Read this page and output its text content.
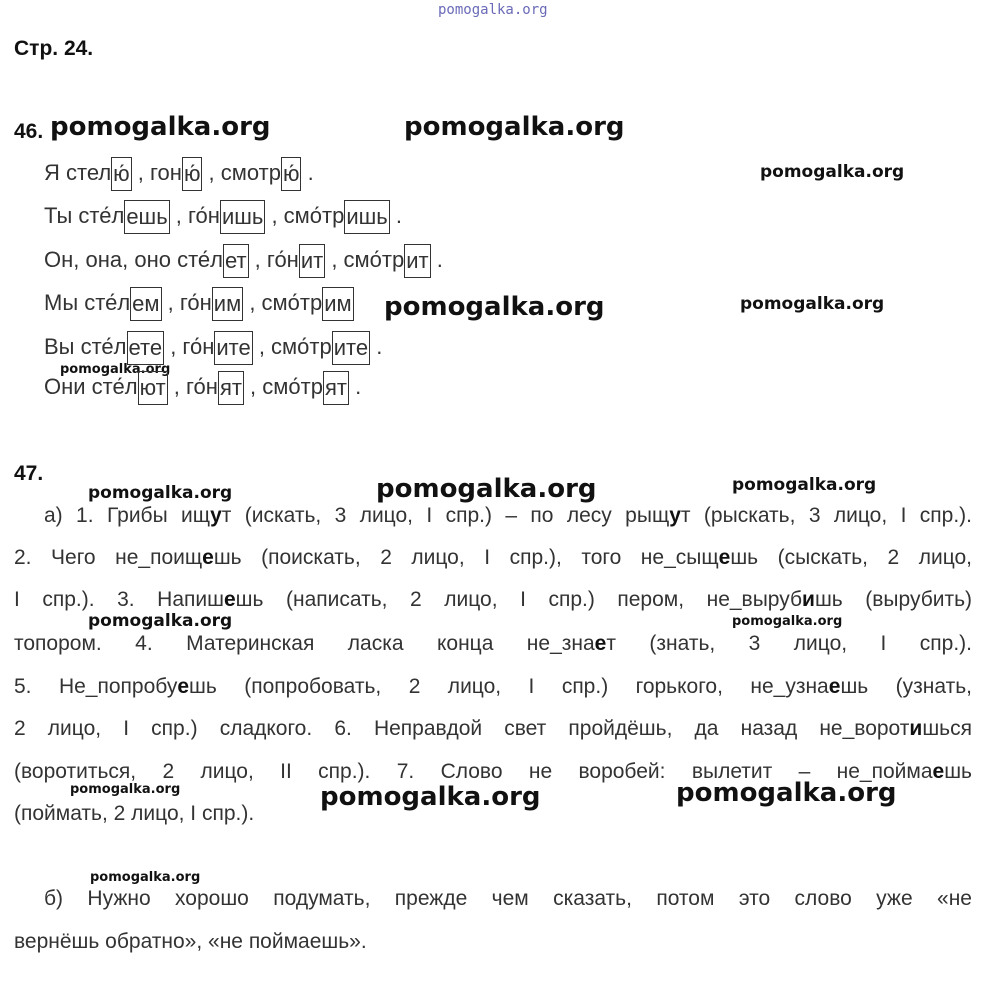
pomogalka.org
pomogalka.org	pomogalka.org
pomogalka.org
pomogalka.org	pomogalka.org
pomogalka.org
pomogalka.org	pomogalka.org	pomogalka.org
pomogalka.org	pomogalka.org
pomogalka.org	pomogalka.org	pomogalka.org
pomogalka.org
Стр. 24.
46.
47.
Я стелю́ , гоню́ , смотрю́ .
Ты сте́лешь , го́нишь , смо́тришь .
Он, она, оно сте́лет , го́нит , смо́трит .
Мы сте́лем , го́ним , смо́трим
Вы сте́лете , го́ните , смо́трите .
Они сте́лют , го́нят , смо́трят .
а) 1. Грибы ищут (искать, 3 лицо, I спр.) – по лесу рыщут (рыскать, 3 лицо, I спр.).
2. Чего не_поищешь (поискать, 2 лицо, I спр.), того не_сыщешь (сыскать, 2 лицо,
I спр.). 3. Напишешь (написать, 2 лицо, I спр.) пером, не_вырубишь (вырубить)
топором. 4. Материнская ласка конца не_знает (знать, 3 лицо, I спр.).
5. Не_попробуешь (попробовать, 2 лицо, I спр.) горького, не_узнаешь (узнать,
2 лицо, I спр.) сладкого. 6. Неправдой свет пройдёшь, да назад не_воротишься
(воротиться, 2 лицо, II спр.). 7. Слово не воробей: вылетит – не_поймаешь
(поймать, 2 лицо, I спр.).
б) Нужно хорошо подумать, прежде чем сказать, потом это слово уже «не
вернёшь обратно», «не поймаешь».
